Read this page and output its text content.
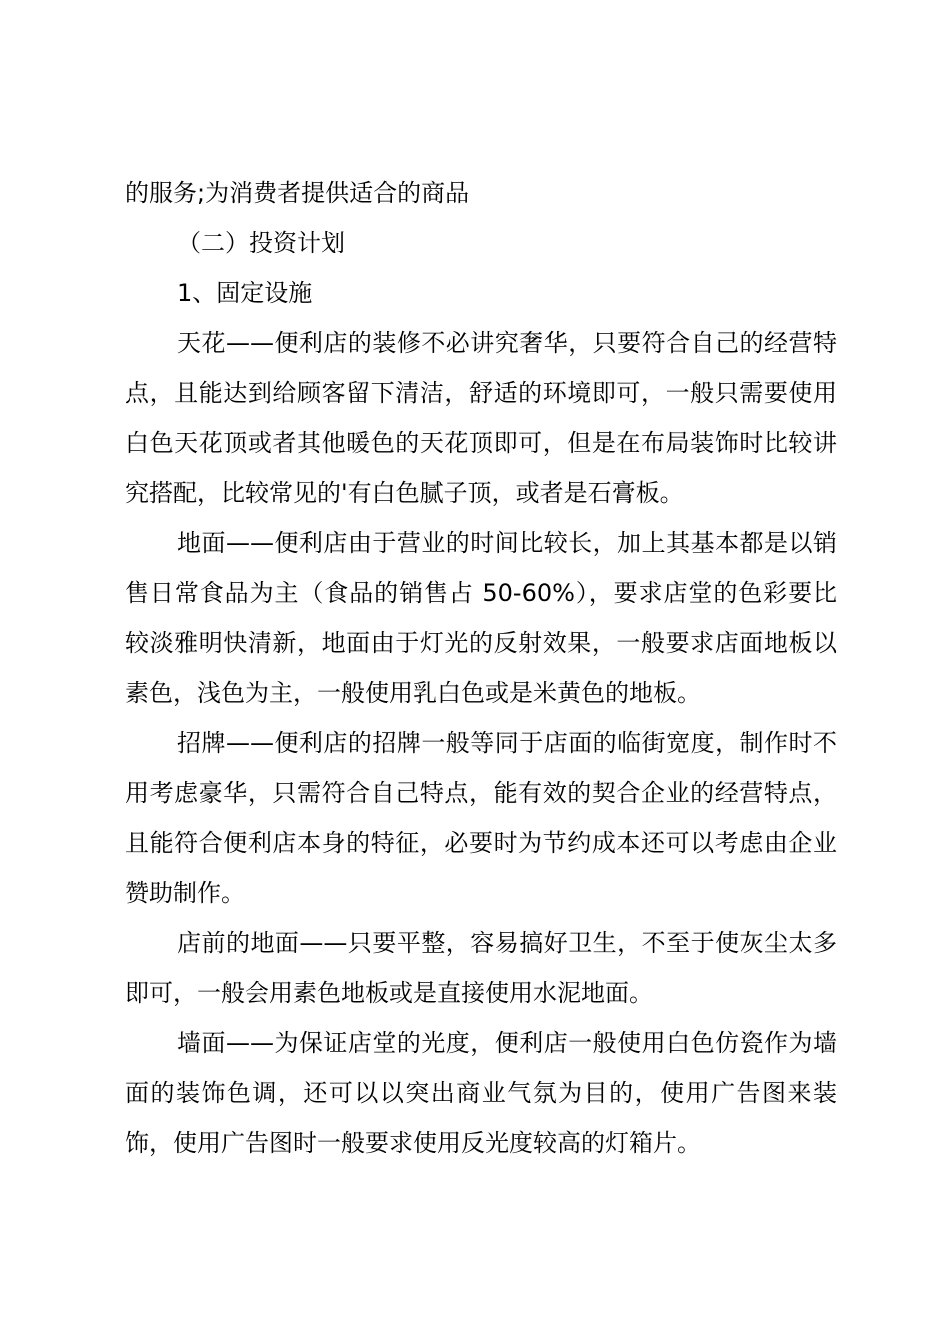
的服务;为消费者提供适合的商品

（二）投资计划

1、固定设施

天花——便利店的装修不必讲究奢华，只要符合自己的经营特点，且能达到给顾客留下清洁，舒适的环境即可，一般只需要使用白色天花顶或者其他暖色的天花顶即可，但是在布局装饰时比较讲究搭配，比较常见的'有白色腻子顶，或者是石膏板。

地面——便利店由于营业的时间比较长，加上其基本都是以销售日常食品为主（食品的销售占 50-60%），要求店堂的色彩要比较淡雅明快清新，地面由于灯光的反射效果，一般要求店面地板以素色，浅色为主，一般使用乳白色或是米黄色的地板。

招牌——便利店的招牌一般等同于店面的临街宽度，制作时不用考虑豪华，只需符合自己特点，能有效的契合企业的经营特点，且能符合便利店本身的特征，必要时为节约成本还可以考虑由企业赞助制作。

店前的地面——只要平整，容易搞好卫生，不至于使灰尘太多即可，一般会用素色地板或是直接使用水泥地面。

墙面——为保证店堂的光度，便利店一般使用白色仿瓷作为墙面的装饰色调，还可以以突出商业气氛为目的，使用广告图来装饰，使用广告图时一般要求使用反光度较高的灯箱片。
